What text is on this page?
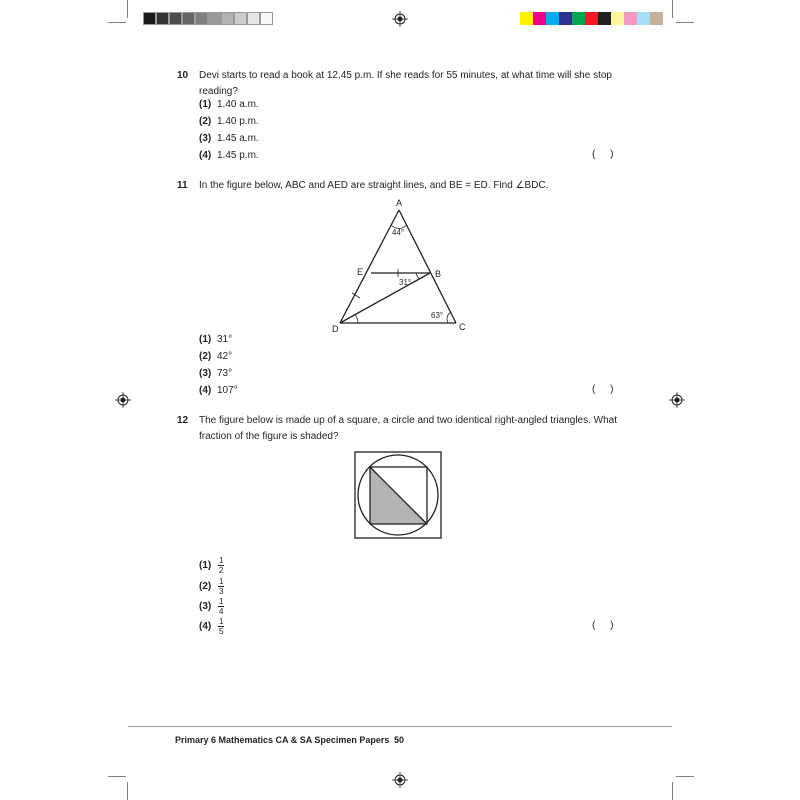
10 Devi starts to read a book at 12.45 p.m. If she reads for 55 minutes, at what time will she stop reading?
(1) 1.40 a.m.
(2) 1.40 p.m.
(3) 1.45 a.m.
(4) 1.45 p.m.	( )
11 In the figure below, ABC and AED are straight lines, and BE = ED. Find ∠BDC.
A
B
C
D
E
44°
31°
63°
(1) 31°
(2) 42°
(3) 73°
(4) 107°	( )
12 The figure below is made up of a square, a circle and two identical right-angled triangles. What fraction of the figure is shaded?
$(1) \frac{1}{2}$
$(2) \frac{1}{3}$
$(3) \frac{1}{4}$
$(4) \frac{1}{5}$	( )
Primary 6 Mathematics CA & SA Specimen Papers 50
